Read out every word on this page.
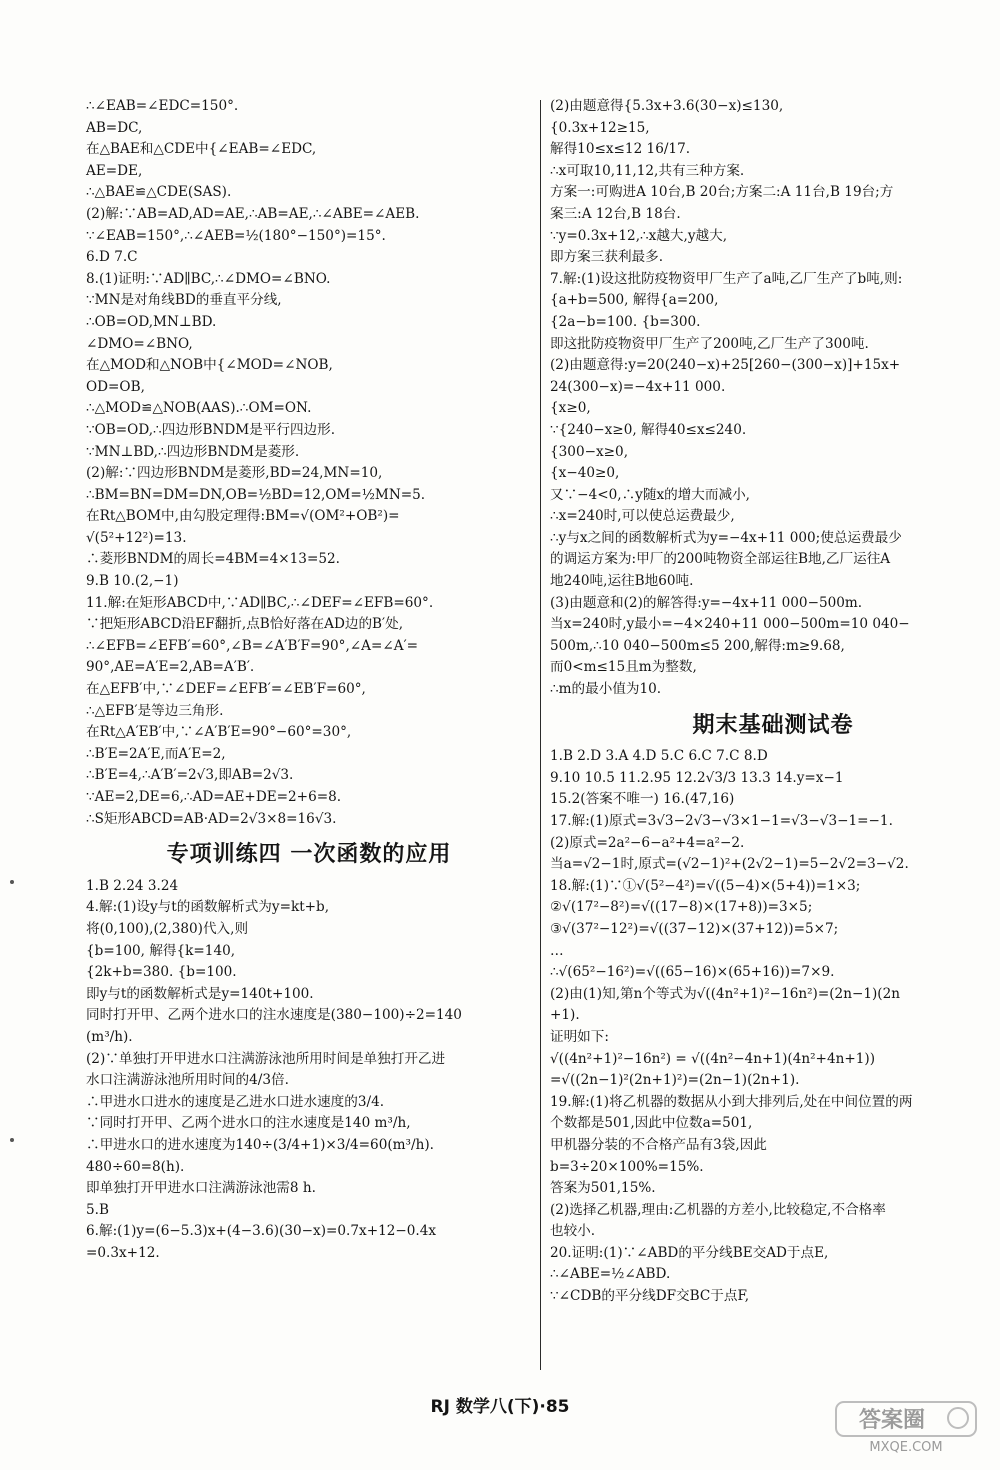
∴∠EAB=∠EDC=150°.
AB=DC,
在△BAE和△CDE中{∠EAB=∠EDC,
AE=DE,
∴△BAE≌△CDE(SAS).
(2)解:∵AB=AD,AD=AE,∴AB=AE,∴∠ABE=∠AEB.
∵∠EAB=150°,∴∠AEB=½(180°−150°)=15°.
6.D 7.C
8.(1)证明:∵AD∥BC,∴∠DMO=∠BNO.
∵MN是对角线BD的垂直平分线,
∴OB=OD,MN⊥BD.
∠DMO=∠BNO,
在△MOD和△NOB中{∠MOD=∠NOB,
OD=OB,
∴△MOD≌△NOB(AAS).∴OM=ON.
∵OB=OD,∴四边形BNDM是平行四边形.
∵MN⊥BD,∴四边形BNDM是菱形.
(2)解:∵四边形BNDM是菱形,BD=24,MN=10,
∴BM=BN=DM=DN,OB=½BD=12,OM=½MN=5.
在Rt△BOM中,由勾股定理得:BM=√(OM²+OB²)=
√(5²+12²)=13.
∴菱形BNDM的周长=4BM=4×13=52.
9.B 10.(2,−1)
11.解:在矩形ABCD中,∵AD∥BC,∴∠DEF=∠EFB=60°.
∵把矩形ABCD沿EF翻折,点B恰好落在AD边的B′处,
∴∠EFB=∠EFB′=60°,∠B=∠A′B′F=90°,∠A=∠A′=
90°,AE=A′E=2,AB=A′B′.
在△EFB′中,∵∠DEF=∠EFB′=∠EB′F=60°,
∴△EFB′是等边三角形.
在Rt△A′EB′中,∵∠A′B′E=90°−60°=30°,
∴B′E=2A′E,而A′E=2,
∴B′E=4,∴A′B′=2√3,即AB=2√3.
∵AE=2,DE=6,∴AD=AE+DE=2+6=8.
∴S矩形ABCD=AB·AD=2√3×8=16√3.
专项训练四 一次函数的应用
1.B 2.24 3.24
4.解:(1)设y与t的函数解析式为y=kt+b,
将(0,100),(2,380)代入,则
{b=100, 解得{k=140,
{2k+b=380. {b=100.
即y与t的函数解析式是y=140t+100.
同时打开甲、乙两个进水口的注水速度是(380−100)÷2=140
(m³/h).
(2)∵单独打开甲进水口注满游泳池所用时间是单独打开乙进
水口注满游泳池所用时间的4/3倍.
∴甲进水口进水的速度是乙进水口进水速度的3/4.
∵同时打开甲、乙两个进水口的注水速度是140 m³/h,
∴甲进水口的进水速度为140÷(3/4+1)×3/4=60(m³/h).
480÷60=8(h).
即单独打开甲进水口注满游泳池需8 h.
5.B
6.解:(1)y=(6−5.3)x+(4−3.6)(30−x)=0.7x+12−0.4x
=0.3x+12.
(2)由题意得{5.3x+3.6(30−x)≤130,
{0.3x+12≥15,
解得10≤x≤12 16/17.
∴x可取10,11,12,共有三种方案.
方案一:可购进A 10台,B 20台;方案二:A 11台,B 19台;方
案三:A 12台,B 18台.
∵y=0.3x+12,∴x越大,y越大,
即方案三获利最多.
7.解:(1)设这批防疫物资甲厂生产了a吨,乙厂生产了b吨,则:
{a+b=500, 解得{a=200,
{2a−b=100. {b=300.
即这批防疫物资甲厂生产了200吨,乙厂生产了300吨.
(2)由题意得:y=20(240−x)+25[260−(300−x)]+15x+
24(300−x)=−4x+11 000.
{x≥0,
∵{240−x≥0, 解得40≤x≤240.
{300−x≥0,
{x−40≥0,
又∵−4<0,∴y随x的增大而减小,
∴x=240时,可以使总运费最少,
∴y与x之间的函数解析式为y=−4x+11 000;使总运费最少
的调运方案为:甲厂的200吨物资全部运往B地,乙厂运往A
地240吨,运往B地60吨.
(3)由题意和(2)的解答得:y=−4x+11 000−500m.
当x=240时,y最小=−4×240+11 000−500m=10 040−
500m,∴10 040−500m≤5 200,解得:m≥9.68,
而0<m≤15且m为整数,
∴m的最小值为10.
期末基础测试卷
1.B 2.D 3.A 4.D 5.C 6.C 7.C 8.D
9.10 10.5 11.2.95 12.2√3/3 13.3 14.y=x−1
15.2(答案不唯一) 16.(47,16)
17.解:(1)原式=3√3−2√3−√3×1−1=√3−√3−1=−1.
(2)原式=2a²−6−a²+4=a²−2.
当a=√2−1时,原式=(√2−1)²+(2√2−1)=5−2√2=3−√2.
18.解:(1)∵①√(5²−4²)=√((5−4)×(5+4))=1×3;
②√(17²−8²)=√((17−8)×(17+8))=3×5;
③√(37²−12²)=√((37−12)×(37+12))=5×7;
…
∴√(65²−16²)=√((65−16)×(65+16))=7×9.
(2)由(1)知,第n个等式为√((4n²+1)²−16n²)=(2n−1)(2n
+1).
证明如下:
√((4n²+1)²−16n²) = √((4n²−4n+1)(4n²+4n+1))
=√((2n−1)²(2n+1)²)=(2n−1)(2n+1).
19.解:(1)将乙机器的数据从小到大排列后,处在中间位置的两
个数都是501,因此中位数a=501,
甲机器分装的不合格产品有3袋,因此
b=3÷20×100%=15%.
答案为501,15%.
(2)选择乙机器,理由:乙机器的方差小,比较稳定,不合格率
也较小.
20.证明:(1)∵∠ABD的平分线BE交AD于点E,
∴∠ABE=½∠ABD.
∵∠CDB的平分线DF交BC于点F,
RJ 数学八(下)·85
答案圈
MXQE.COM
